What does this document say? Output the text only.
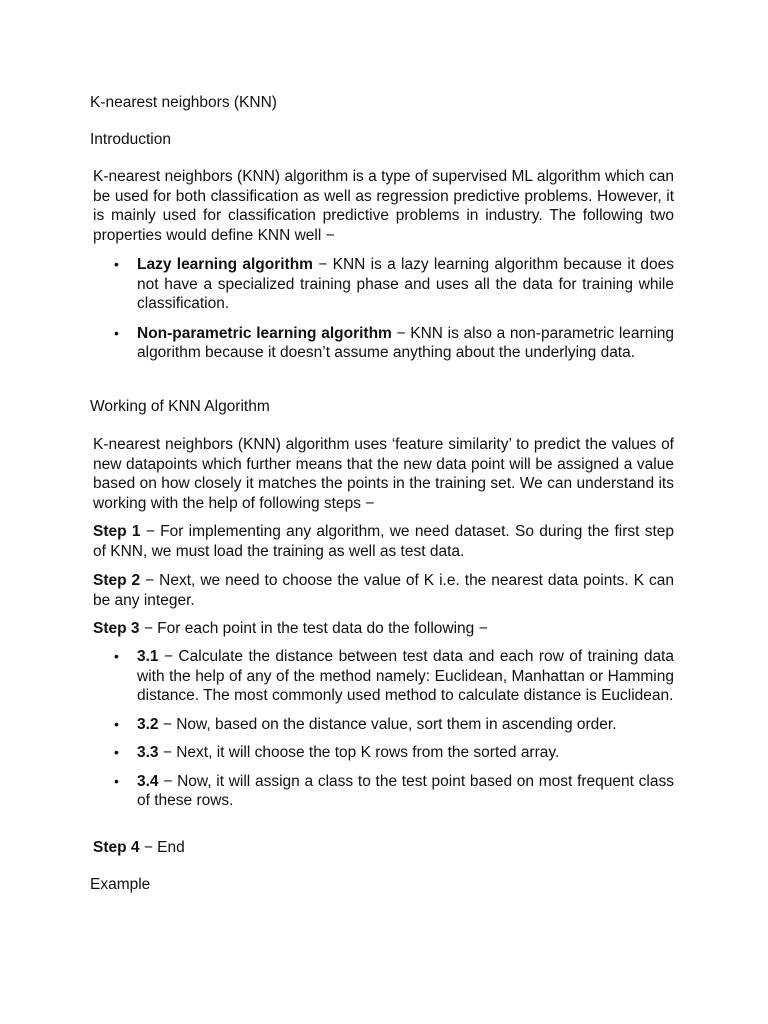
K-nearest neighbors (KNN)
Introduction

K-nearest neighbors (KNN) algorithm is a type of supervised ML algorithm which can be used for both classification as well as regression predictive problems. However, it is mainly used for classification predictive problems in industry. The following two properties would define KNN well −

• Lazy learning algorithm − KNN is a lazy learning algorithm because it does not have a specialized training phase and uses all the data for training while classification.
• Non-parametric learning algorithm − KNN is also a non-parametric learning algorithm because it doesn’t assume anything about the underlying data.
Working of KNN Algorithm

K-nearest neighbors (KNN) algorithm uses ‘feature similarity’ to predict the values of new datapoints which further means that the new data point will be assigned a value based on how closely it matches the points in the training set. We can understand its working with the help of following steps −

Step 1 − For implementing any algorithm, we need dataset. So during the first step of KNN, we must load the training as well as test data.

Step 2 − Next, we need to choose the value of K i.e. the nearest data points. K can be any integer.

Step 3 − For each point in the test data do the following −

• 3.1 − Calculate the distance between test data and each row of training data with the help of any of the method namely: Euclidean, Manhattan or Hamming distance. The most commonly used method to calculate distance is Euclidean.
• 3.2 − Now, based on the distance value, sort them in ascending order.
• 3.3 − Next, it will choose the top K rows from the sorted array.
• 3.4 − Now, it will assign a class to the test point based on most frequent class of these rows.

Step 4 − End

Example
